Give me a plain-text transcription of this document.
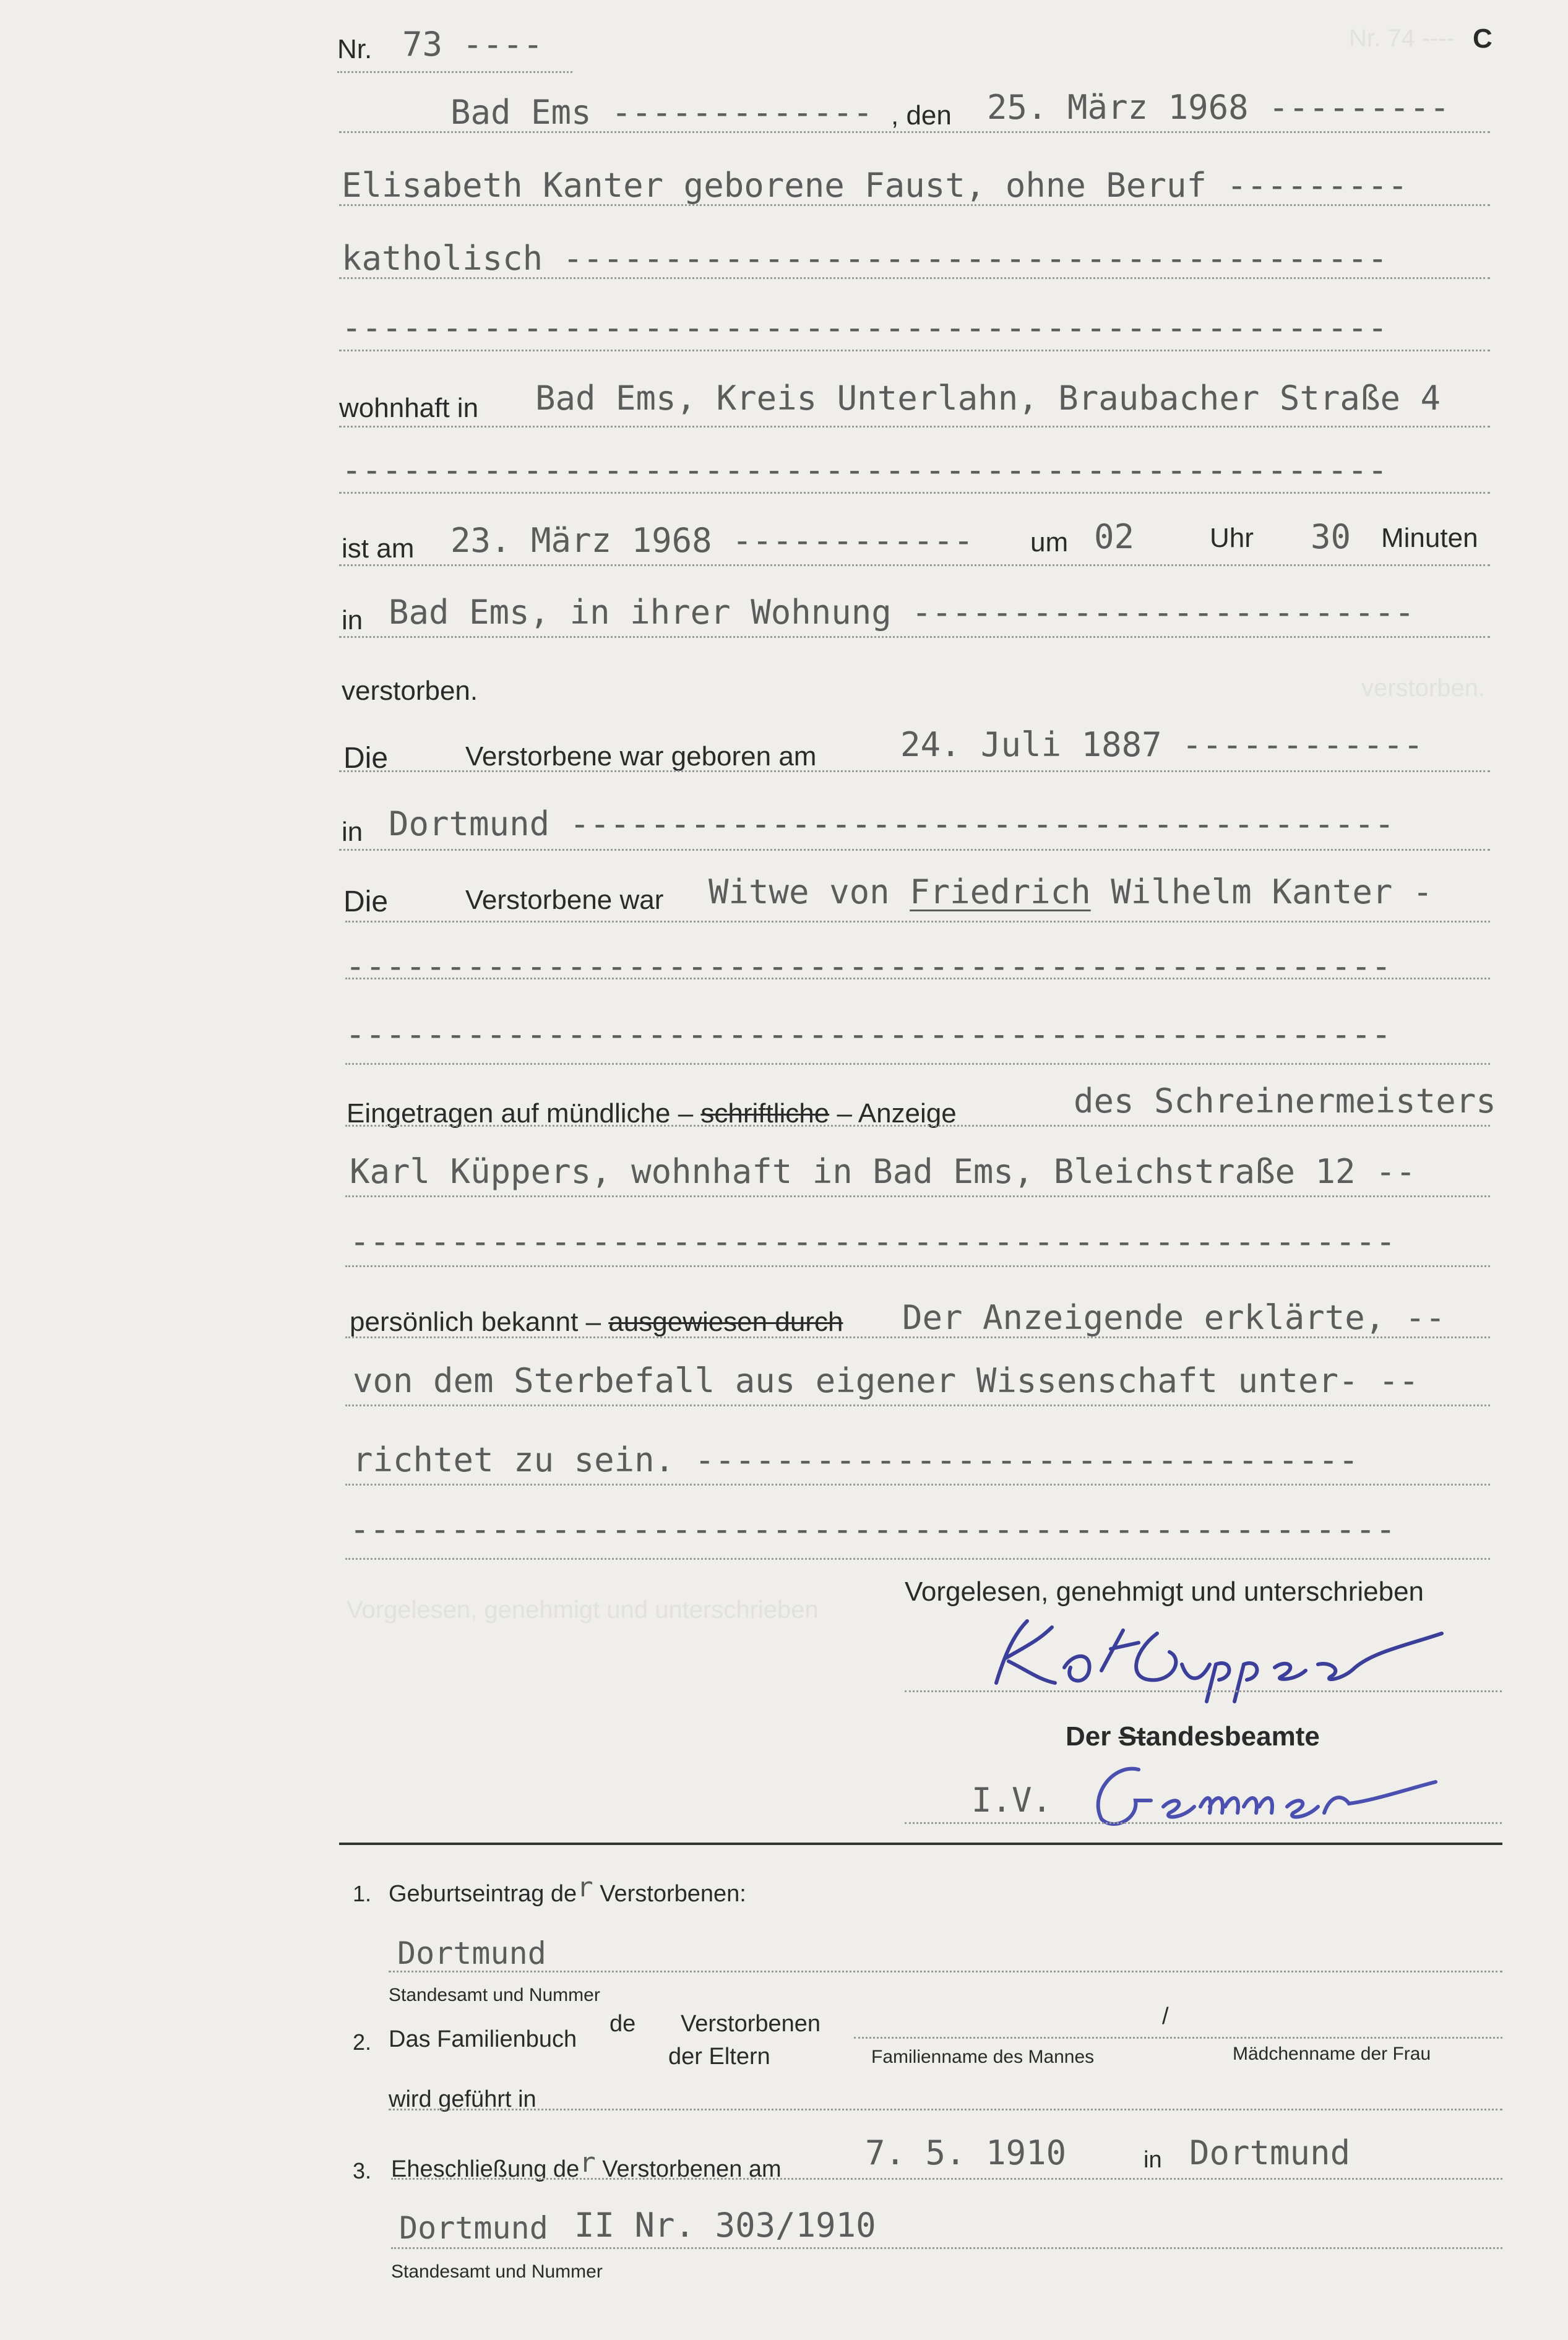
Nr. 74 ----
verstorben.
Vorgelesen, genehmigt und unterschrieben
Nr. 73 ----	C
Bad Ems ------------- , den 25. März 1968 ---------
Elisabeth Kanter geborene Faust, ohne Beruf ---------
katholisch -----------------------------------------
----------------------------------------------------
wohnhaft in Bad Ems, Kreis Unterlahn, Braubacher Straße 4
----------------------------------------------------
ist am 23. März 1968 ------------ um 02	Uhr 30 Minuten
in Bad Ems, in ihrer Wohnung -------------------------
verstorben.
Die	Verstorbene war geboren am	24. Juli 1887 ------------
in Dortmund -----------------------------------------
Die	Verstorbene war Witwe von Friedrich Wilhelm Kanter -
----------------------------------------------------
----------------------------------------------------
Eingetragen auf mündliche – schriftliche – Anzeige	des Schreinermeisters
Karl Küppers, wohnhaft in Bad Ems, Bleichstraße 12 --
----------------------------------------------------
persönlich bekannt – ausgewiesen durch Der Anzeigende erklärte, --
von dem Sterbefall aus eigener Wissenschaft unter- --
richtet zu sein. ---------------------------------
----------------------------------------------------
Vorgelesen, genehmigt und unterschrieben
Der Standesbeamte
I.V.
1. Geburtseintrag der Verstorbenen:
Dortmund
Standesamt und Nummer
2. Das Familienbuch
de Verstorbenen	/
der Eltern	Familienname des Mannes	Mädchenname der Frau
wird geführt in
3. Eheschließung der Verstorbenen am	7. 5. 1910	in Dortmund
Dortmund II Nr. 303/1910
Standesamt und Nummer
